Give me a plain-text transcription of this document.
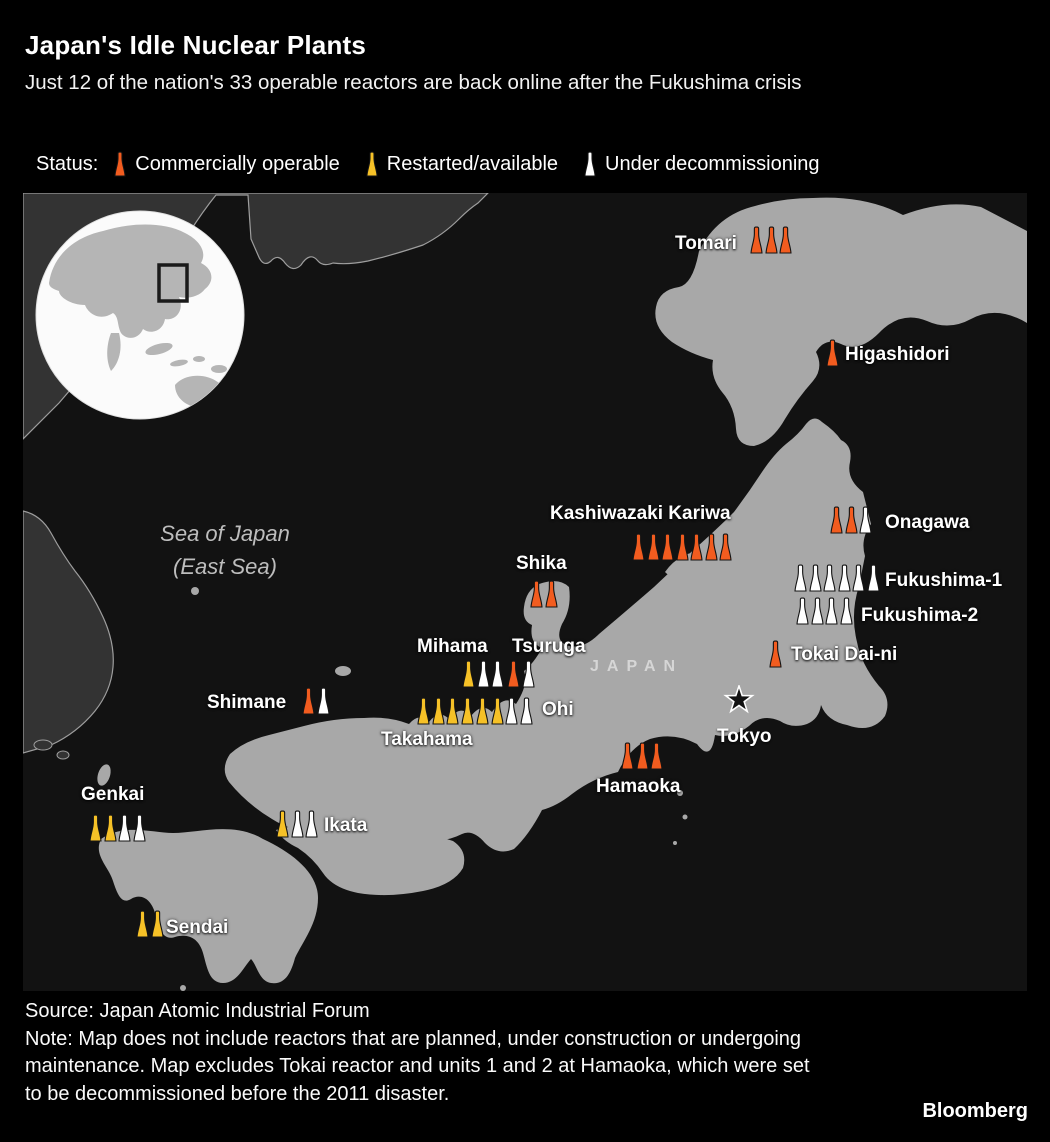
Japan's Idle Nuclear Plants
Just 12 of the nation's 33 operable reactors are back online after the Fukushima crisis
Status: Commercially operable Restarted/available Under decommissioning
Sea of Japan
(East Sea)
JAPAN
Tokyo
Tomari
Higashidori
Kashiwazaki Kariwa
Shika
Onagawa
Fukushima-1
Fukushima-2
Tokai Dai-ni
Mihama Tsuruga
Shimane
Takahama
Ohi
Hamaoka
Genkai
Ikata
Sendai
Source: Japan Atomic Industrial Forum
Note: Map does not include reactors that are planned, under construction or undergoing maintenance. Map excludes Tokai reactor and units 1 and 2 at Hamaoka, which were set to be decommissioned before the 2011 disaster.
Bloomberg
